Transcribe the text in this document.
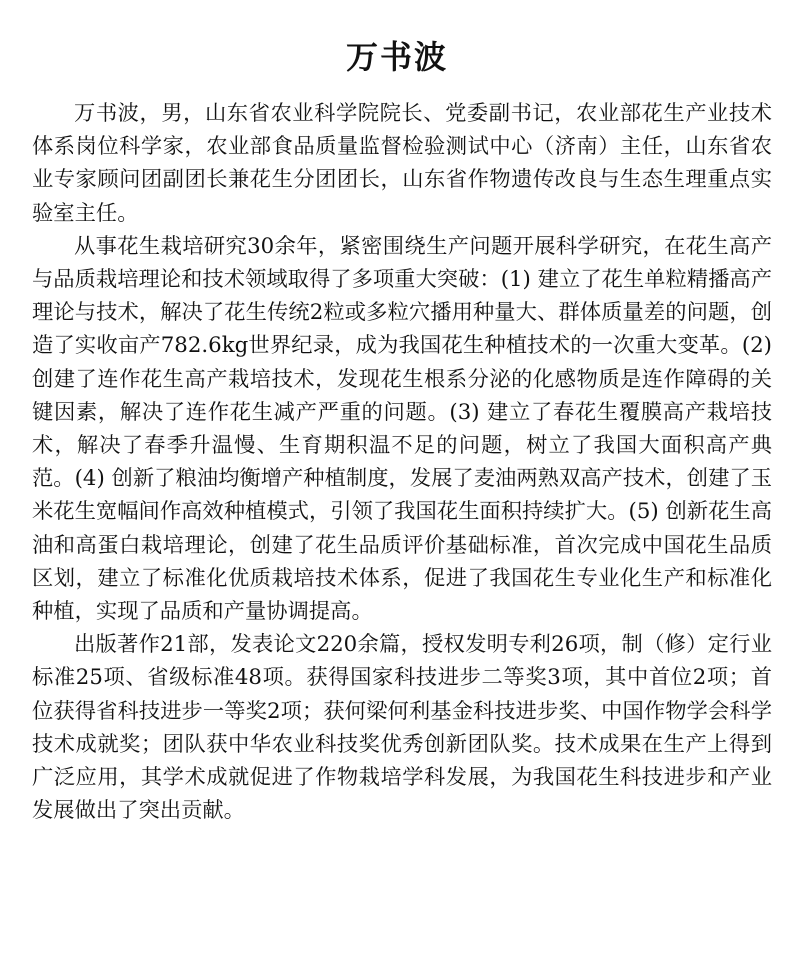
万书波

万书波，男，山东省农业科学院院长、党委副书记，农业部花生产业技术体系岗位科学家，农业部食品质量监督检验测试中心（济南）主任，山东省农业专家顾问团副团长兼花生分团团长，山东省作物遗传改良与生态生理重点实验室主任。

从事花生栽培研究30余年，紧密围绕生产问题开展科学研究，在花生高产与品质栽培理论和技术领域取得了多项重大突破：(1) 建立了花生单粒精播高产理论与技术，解决了花生传统2粒或多粒穴播用种量大、群体质量差的问题，创造了实收亩产782.6kg世界纪录，成为我国花生种植技术的一次重大变革。(2) 创建了连作花生高产栽培技术，发现花生根系分泌的化感物质是连作障碍的关键因素，解决了连作花生减产严重的问题。(3) 建立了春花生覆膜高产栽培技术，解决了春季升温慢、生育期积温不足的问题，树立了我国大面积高产典范。(4) 创新了粮油均衡增产种植制度，发展了麦油两熟双高产技术，创建了玉米花生宽幅间作高效种植模式，引领了我国花生面积持续扩大。(5) 创新花生高油和高蛋白栽培理论，创建了花生品质评价基础标准，首次完成中国花生品质区划，建立了标准化优质栽培技术体系，促进了我国花生专业化生产和标准化种植，实现了品质和产量协调提高。

出版著作21部，发表论文220余篇，授权发明专利26项，制（修）定行业标准25项、省级标准48项。获得国家科技进步二等奖3项，其中首位2项；首位获得省科技进步一等奖2项；获何梁何利基金科技进步奖、中国作物学会科学技术成就奖；团队获中华农业科技奖优秀创新团队奖。技术成果在生产上得到广泛应用，其学术成就促进了作物栽培学科发展，为我国花生科技进步和产业发展做出了突出贡献。
